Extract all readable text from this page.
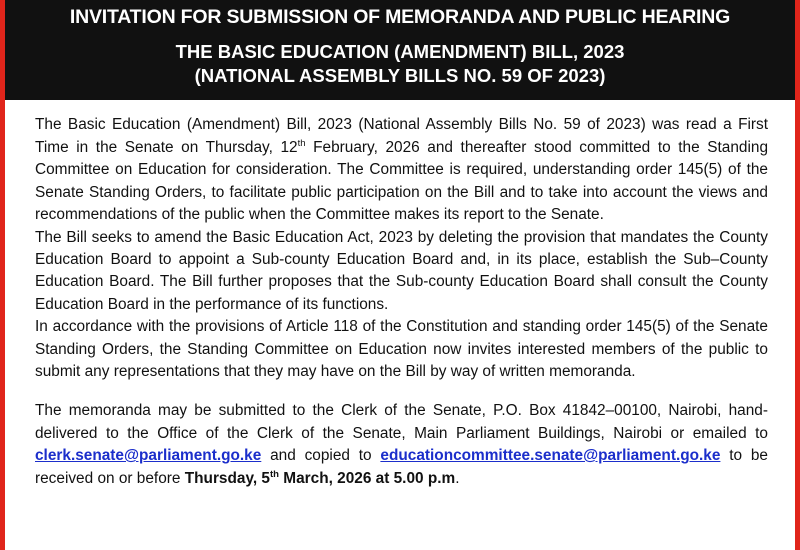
INVITATION FOR SUBMISSION OF MEMORANDA AND PUBLIC HEARING
THE BASIC EDUCATION (AMENDMENT) BILL, 2023
(NATIONAL ASSEMBLY BILLS NO. 59 OF 2023)

The Basic Education (Amendment) Bill, 2023 (National Assembly Bills No. 59 of 2023) was read a First Time in the Senate on Thursday, 12th February, 2026 and thereafter stood committed to the Standing Committee on Education for consideration. The Committee is required, understanding order 145(5) of the Senate Standing Orders, to facilitate public participation on the Bill and to take into account the views and recommendations of the public when the Committee makes its report to the Senate.

The Bill seeks to amend the Basic Education Act, 2023 by deleting the provision that mandates the County Education Board to appoint a Sub-county Education Board and, in its place, establish the Sub–County Education Board. The Bill further proposes that the Sub-county Education Board shall consult the County Education Board in the performance of its functions.

In accordance with the provisions of Article 118 of the Constitution and standing order 145(5) of the Senate Standing Orders, the Standing Committee on Education now invites interested members of the public to submit any representations that they may have on the Bill by way of written memoranda.

The memoranda may be submitted to the Clerk of the Senate, P.O. Box 41842–00100, Nairobi, hand-delivered to the Office of the Clerk of the Senate, Main Parliament Buildings, Nairobi or emailed to clerk.senate@parliament.go.ke and copied to educationcommittee.senate@parliament.go.ke to be received on or before Thursday, 5th March, 2026 at 5.00 p.m.
